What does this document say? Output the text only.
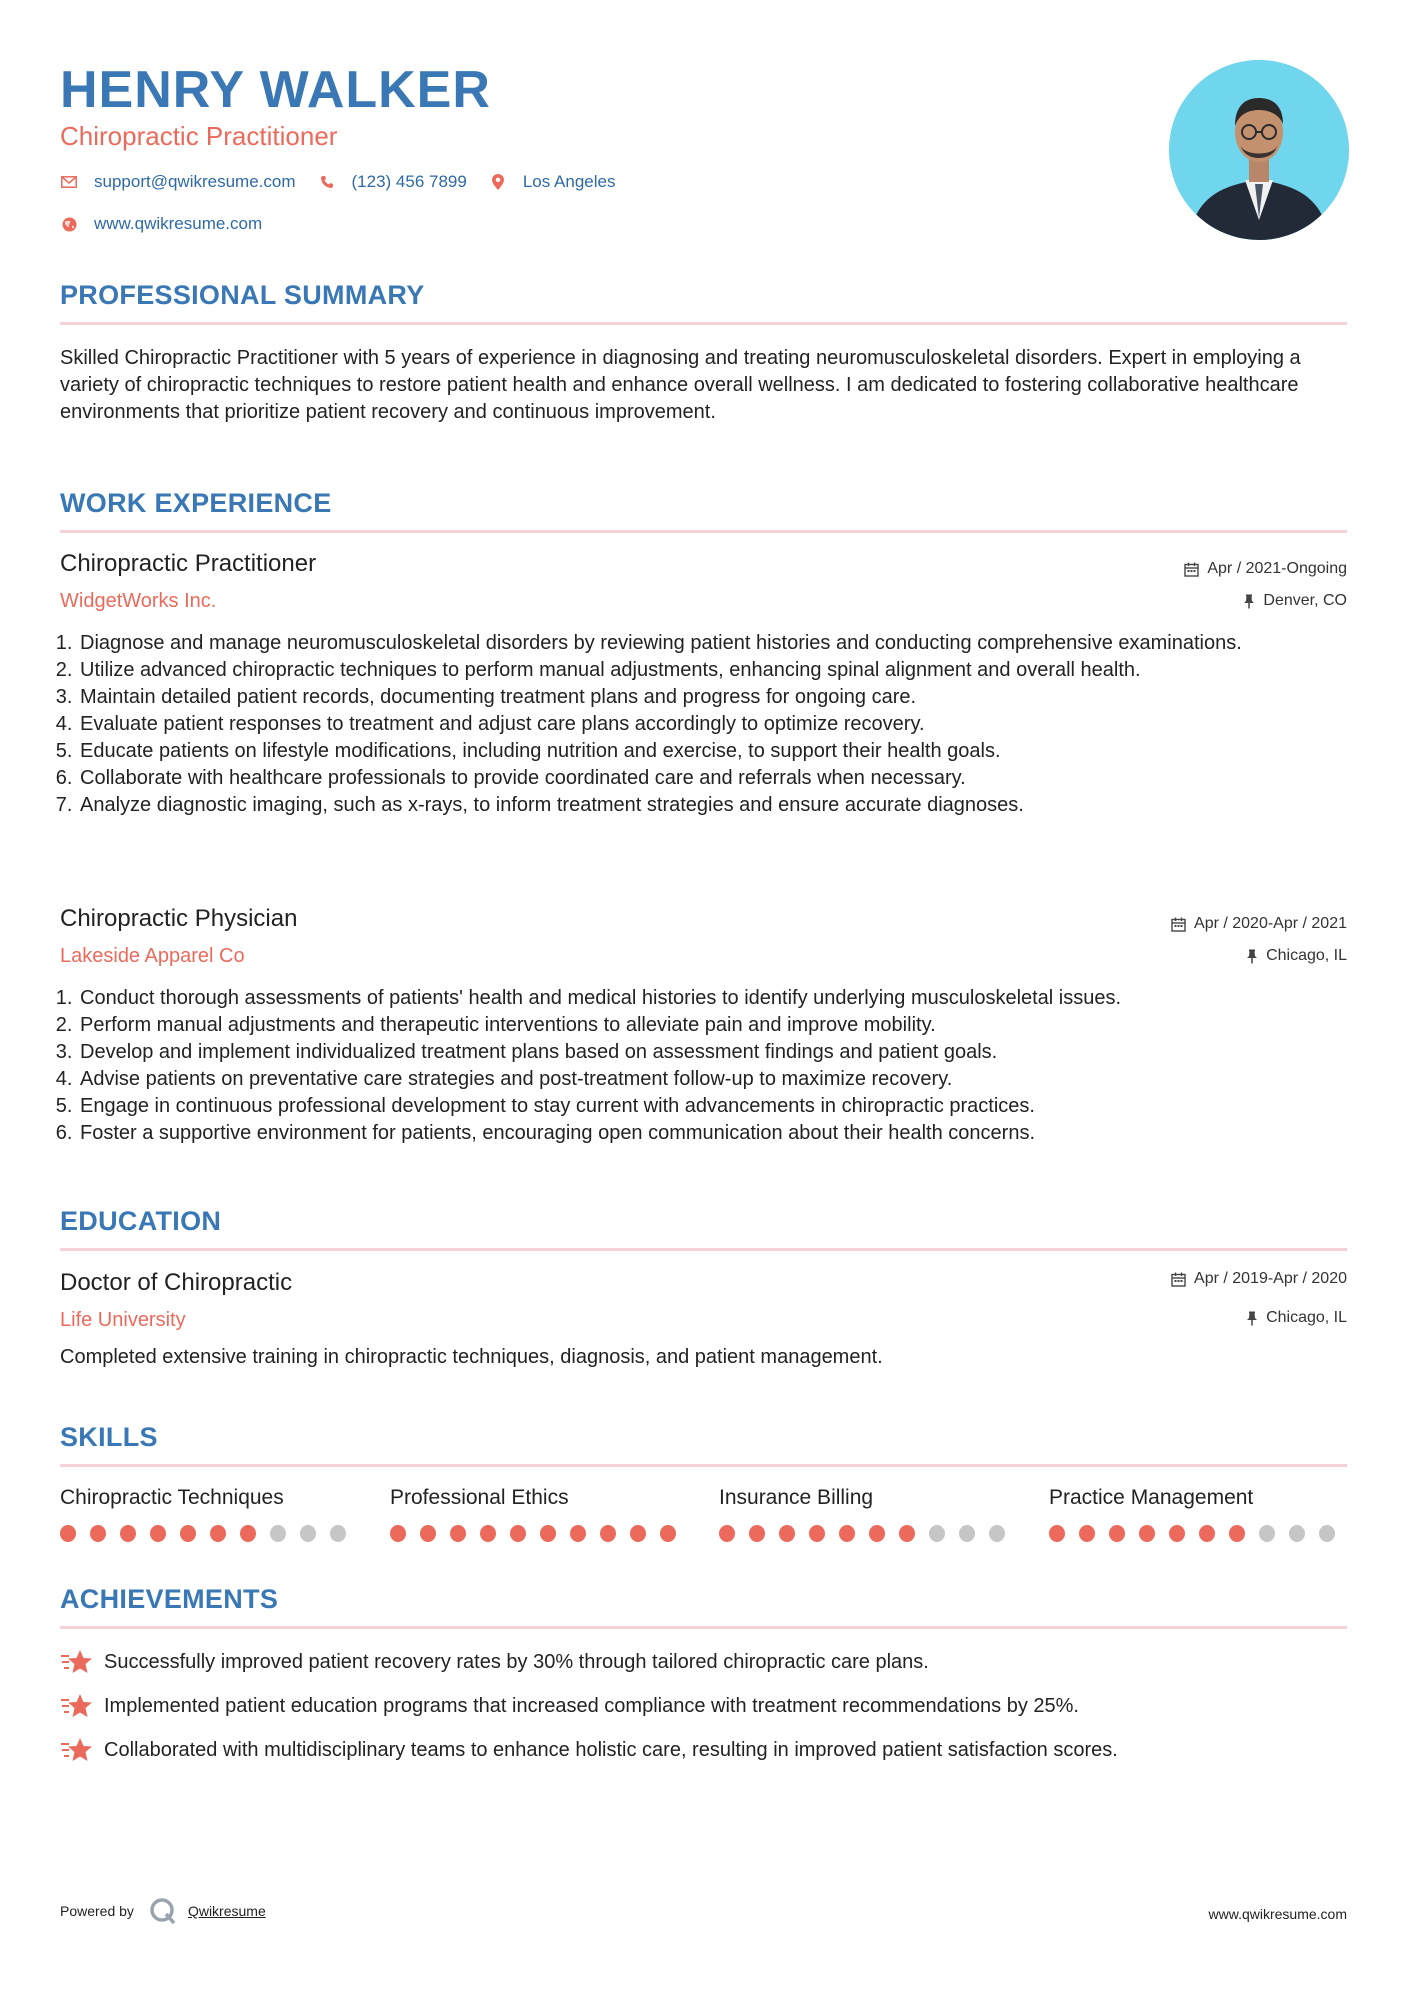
HENRY WALKER
Chiropractic Practitioner
support@qwikresume.com	(123) 456 7899	Los Angeles
www.qwikresume.com
PROFESSIONAL SUMMARY
Skilled Chiropractic Practitioner with 5 years of experience in diagnosing and treating neuromusculoskeletal disorders. Expert in employing a variety of chiropractic techniques to restore patient health and enhance overall wellness. I am dedicated to fostering collaborative healthcare environments that prioritize patient recovery and continuous improvement.
WORK EXPERIENCE
Chiropractic Practitioner
WidgetWorks Inc.
Apr / 2021-Ongoing
Denver, CO
1. Diagnose and manage neuromusculoskeletal disorders by reviewing patient histories and conducting comprehensive examinations.
2. Utilize advanced chiropractic techniques to perform manual adjustments, enhancing spinal alignment and overall health.
3. Maintain detailed patient records, documenting treatment plans and progress for ongoing care.
4. Evaluate patient responses to treatment and adjust care plans accordingly to optimize recovery.
5. Educate patients on lifestyle modifications, including nutrition and exercise, to support their health goals.
6. Collaborate with healthcare professionals to provide coordinated care and referrals when necessary.
7. Analyze diagnostic imaging, such as x-rays, to inform treatment strategies and ensure accurate diagnoses.
Chiropractic Physician
Lakeside Apparel Co
Apr / 2020-Apr / 2021
Chicago, IL
1. Conduct thorough assessments of patients' health and medical histories to identify underlying musculoskeletal issues.
2. Perform manual adjustments and therapeutic interventions to alleviate pain and improve mobility.
3. Develop and implement individualized treatment plans based on assessment findings and patient goals.
4. Advise patients on preventative care strategies and post-treatment follow-up to maximize recovery.
5. Engage in continuous professional development to stay current with advancements in chiropractic practices.
6. Foster a supportive environment for patients, encouraging open communication about their health concerns.
EDUCATION
Doctor of Chiropractic
Life University
Apr / 2019-Apr / 2020
Chicago, IL
Completed extensive training in chiropractic techniques, diagnosis, and patient management.
SKILLS
Chiropractic Techniques	Professional Ethics	Insurance Billing	Practice Management
ACHIEVEMENTS
Successfully improved patient recovery rates by 30% through tailored chiropractic care plans.
Implemented patient education programs that increased compliance with treatment recommendations by 25%.
Collaborated with multidisciplinary teams to enhance holistic care, resulting in improved patient satisfaction scores.
Powered by	Qwikresume	www.qwikresume.com
